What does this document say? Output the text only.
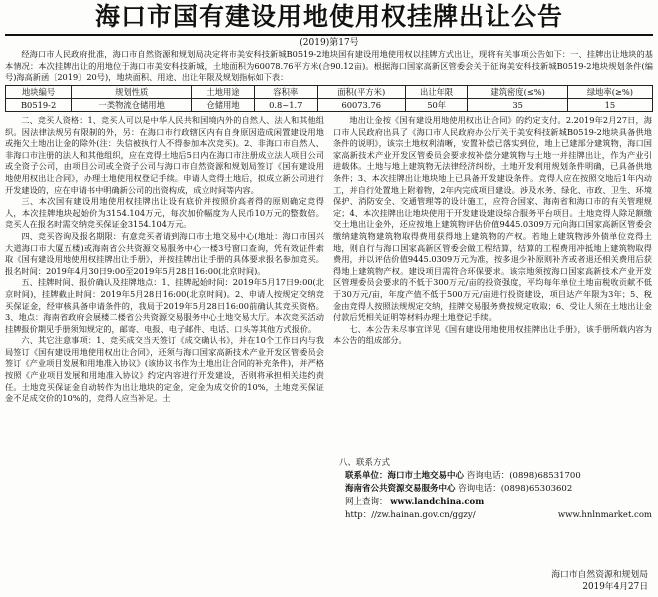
海口市国有建设用地使用权挂牌出让公告
(2019)第17号
经海口市人民政府批准，海口市自然资源和规划局决定将市美安科技新城B0519-2地块国有建设用地使用权以挂牌方式出让，现将有关事项公告如下：一、挂牌出让地块的基本情况：本次挂牌出让的用地位于海口市美安科技新城，土地面积为60078.76平方米(合90.12亩)。根据海口国家高新区管委会关于征询美安科技新城B0519-2地块规划条件(编号)海高新函〔2019〕20号)，地块面积、用途、出让年限及规划指标如下表：
地块编号	规划性质	土地用途	容积率	面积(平方米)	出让年限	建筑密度(≤%)	绿地率(≥%)
B0519-2	一类物流仓储用地	仓储用地	0.8~1.7	60073.76	50年	35	15

二、竞买人资格：1、竞买人可以是中华人民共和国境内外的自然人、法人和其他组织。因法律法规另有限制的外，另：在海口市行政辖区内有自身原因造成闲置建设用地或拖欠土地出让金的除外(注：失信被执行人不得参加本次竞买)。2、非海口市自然人、非海口市注册的法人和其他组织，应在竞得土地后5日内在海口市注册成立法人项目公司或全资子公司，由项目公司或全资子公司与海口市自然资源和规划局签订《国有建设用地使用权出让合同》，办理土地使用权登记手续。申请人竞得土地后，拟成立新公司进行开发建设的，应在申请书中明确新公司的出资构成，成立时间等内容。

三、本次国有建设用地使用权挂牌出让设有底价并按照价高者得的原则确定竞得人，本次挂牌地块起始价为3154.104万元，每次加价幅度为人民币10万元的整数倍。竞买人在报名时需交纳竞买保证金3154.104万元。

四、竞买咨询及报名期限：有意竞买者请到海口市土地交易中心(地址：海口市国兴大道海口市大厦五楼)或海南省公共资源交易服务中心一楼3号窗口查询，凭有效证件索取《国有建设用地使用权挂牌出让手册》，并按挂牌出让手册的具体要求报名参加竞买。报名时间：2019年4月30日9:00至2019年5月28日16:00(北京时间)。

五、挂牌时间、报价确认及挂牌地点：1、挂牌起始时间：2019年5月17日9:00(北京时间)，挂牌截止时间：2019年5月28日16:00(北京时间)。2、申请人按规定交纳竞买保证金，经审核具备申请条件的，我局于2019年5月28日16:00前确认其竞买资格。3、地点：海南省政府会展楼二楼省公共资源交易服务中心土地交易大厅。本次竞买活动挂牌报价期见手册须知规定的，邮寄、电报、电子邮件、电话、口头等其他方式报价。

六、其它注意事项：1、竞买成交当天签订《成交确认书》，并在10个工作日内与我局签订《国有建设用地使用权出让合同》，还须与海口国家高新技术产业开发区管委员会签订《产业项目发展和用地准入协议》(该协议书作为土地出让合同的补充条件)，并严格按照《产业项目发展和用地准入协议》约定内容进行开发建设，否则将承担相关违约责任。土地竞买保证金自动转作为出让地块的定金，定金为成交价的10%，土地竞买保证金不足成交价的10%的，竞得人应当补足。土

地出让金按《国有建设用地使用权出让合同》的约定支付。2.2019年2月27日，海口市人民政府出具了《海口市人民政府办公厅关于美安科技新城B0519-2地块具备供地条件的说明》，该宗土地权利清晰，安置补偿已落实到位，地上已建部分建筑物，海口国家高新技术产业开发区管委员会要求按补偿分建筑物与土地一并挂牌出让，作为产业引进载体。土地与地上建筑物无法律经济纠纷，土地开发利用规划条件明确，已具备供地条件；3、本次挂牌出让地块地上已具备开发建设条件。竞得人应在按照交地后1年内动工，并自行处置地上附着物，2年内完成项目建设。涉及水务、绿化、市政、卫生、环境保护、消防安全、交通管理等的设计施工，应符合国家、海南省和海口市的有关管理规定；4、本次挂牌出让地块使用于开发建设建设综合服务平台项目。土地竞得人除足额缴交土地出让金外，还应按地上建筑物评估价值9445.0309万元向海口国家高新区管委会缴纳建筑物建筑物取得费用获得地上建筑物的产权。若地上建筑物涉外债单位竞得土地，则自行与海口国家高新区管委会做工程结算，结算的工程费用冲抵地上建筑物取得费用，并以评估价值9445.0309万元为准，按多退少补原则补齐或者退还相关费用后获得地上建筑物产权。建设项目需符合环保要求。该宗地须按海口国家高新技术产业开发区管理委员会要求的不低于300万元/亩的投资强度，平均每年单位土地亩税收贡献不低于30万元/亩，年度产值不低于500万元/亩进行投资建设，项目达产年限为3年；5、税金由竞得人按照法规规定交纳，挂牌交易服务费按规定收取；6、受让人须在土地出让金付款后凭相关证明等材料办理土地登记手续。

七、本公告未尽事宜详见《国有建设用地使用权挂牌出让手册》，该手册所载内容为本公告的组成部分。

八、联系方式
联系单位：海口市土地交易中心 咨询电话：(0898)68531700
海南省公共资源交易服务中心 咨询电话：(0898)65303602
网上查询： www.landchina.com
http：//zw.hainan.gov.cn/ggzy/	www.hnlnmarket.com
海口市自然资源和规划局
2019年4月27日
